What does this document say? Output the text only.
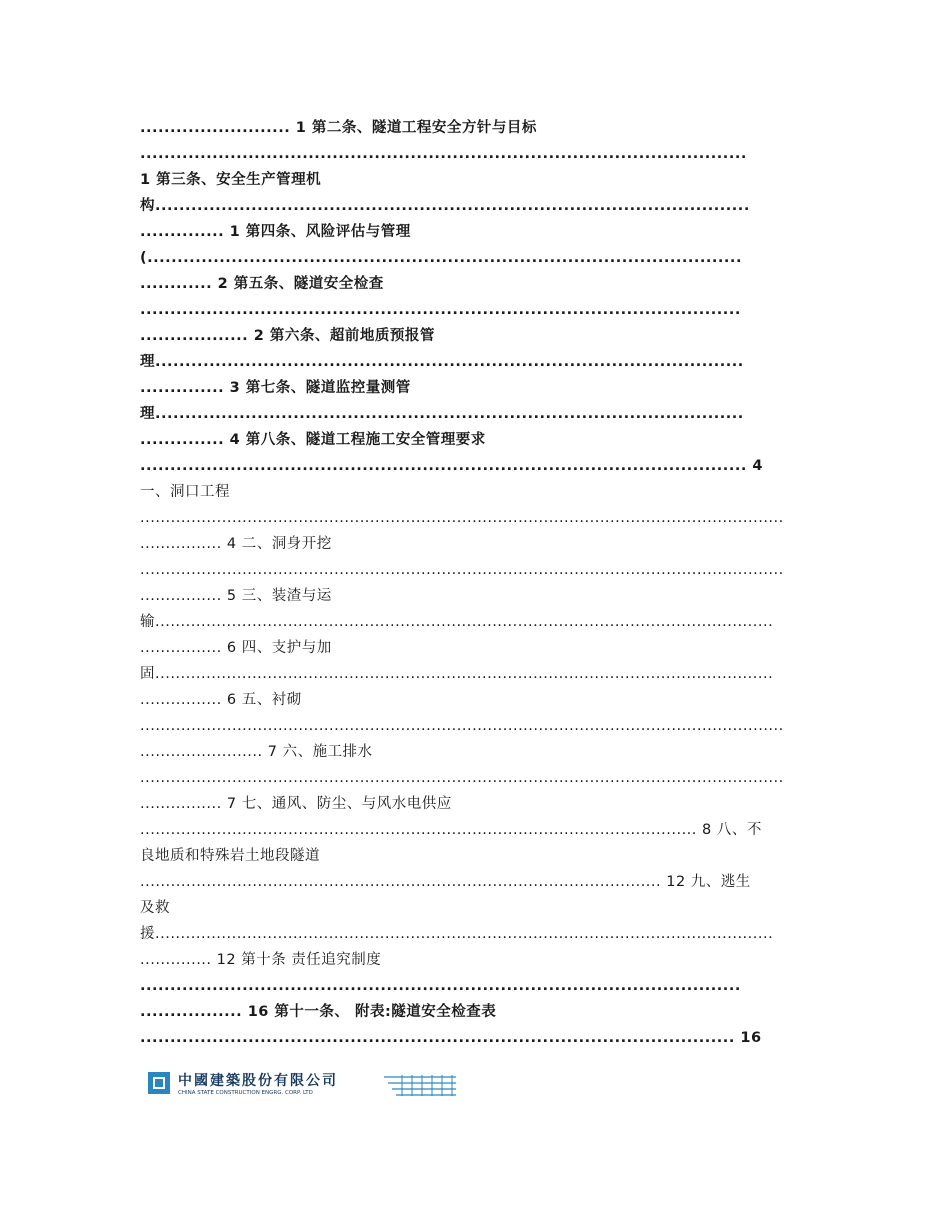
......................... 1 第二条、隧道工程安全方针与目标
.....................................................................................................
1 第三条、安全生产管理机
构...................................................................................................
.............. 1 第四条、风险评估与管理
(...................................................................................................
............ 2 第五条、隧道安全检查
....................................................................................................
.................. 2 第六条、超前地质预报管
理..................................................................................................
.............. 3 第七条、隧道监控量测管
理..................................................................................................
.............. 4 第八条、隧道工程施工安全管理要求
..................................................................................................... 4
一、洞口工程
..............................................................................................................................
................ 4 二、洞身开挖
..............................................................................................................................
................ 5 三、装渣与运
输.........................................................................................................................
................ 6 四、支护与加
固.........................................................................................................................
................ 6 五、衬砌
..............................................................................................................................
........................ 7 六、施工排水
..............................................................................................................................
................ 7 七、通风、防尘、与风水电供应
............................................................................................................. 8 八、不
良地质和特殊岩土地段隧道
...................................................................................................... 12 九、逃生
及救
援.........................................................................................................................
.............. 12 第十条 责任追究制度
....................................................................................................
................. 16 第十一条、 附表:隧道安全检查表
................................................................................................... 16
中國建築股份有限公司
CHINA STATE CONSTRUCTION ENGRG. CORP. LTD
